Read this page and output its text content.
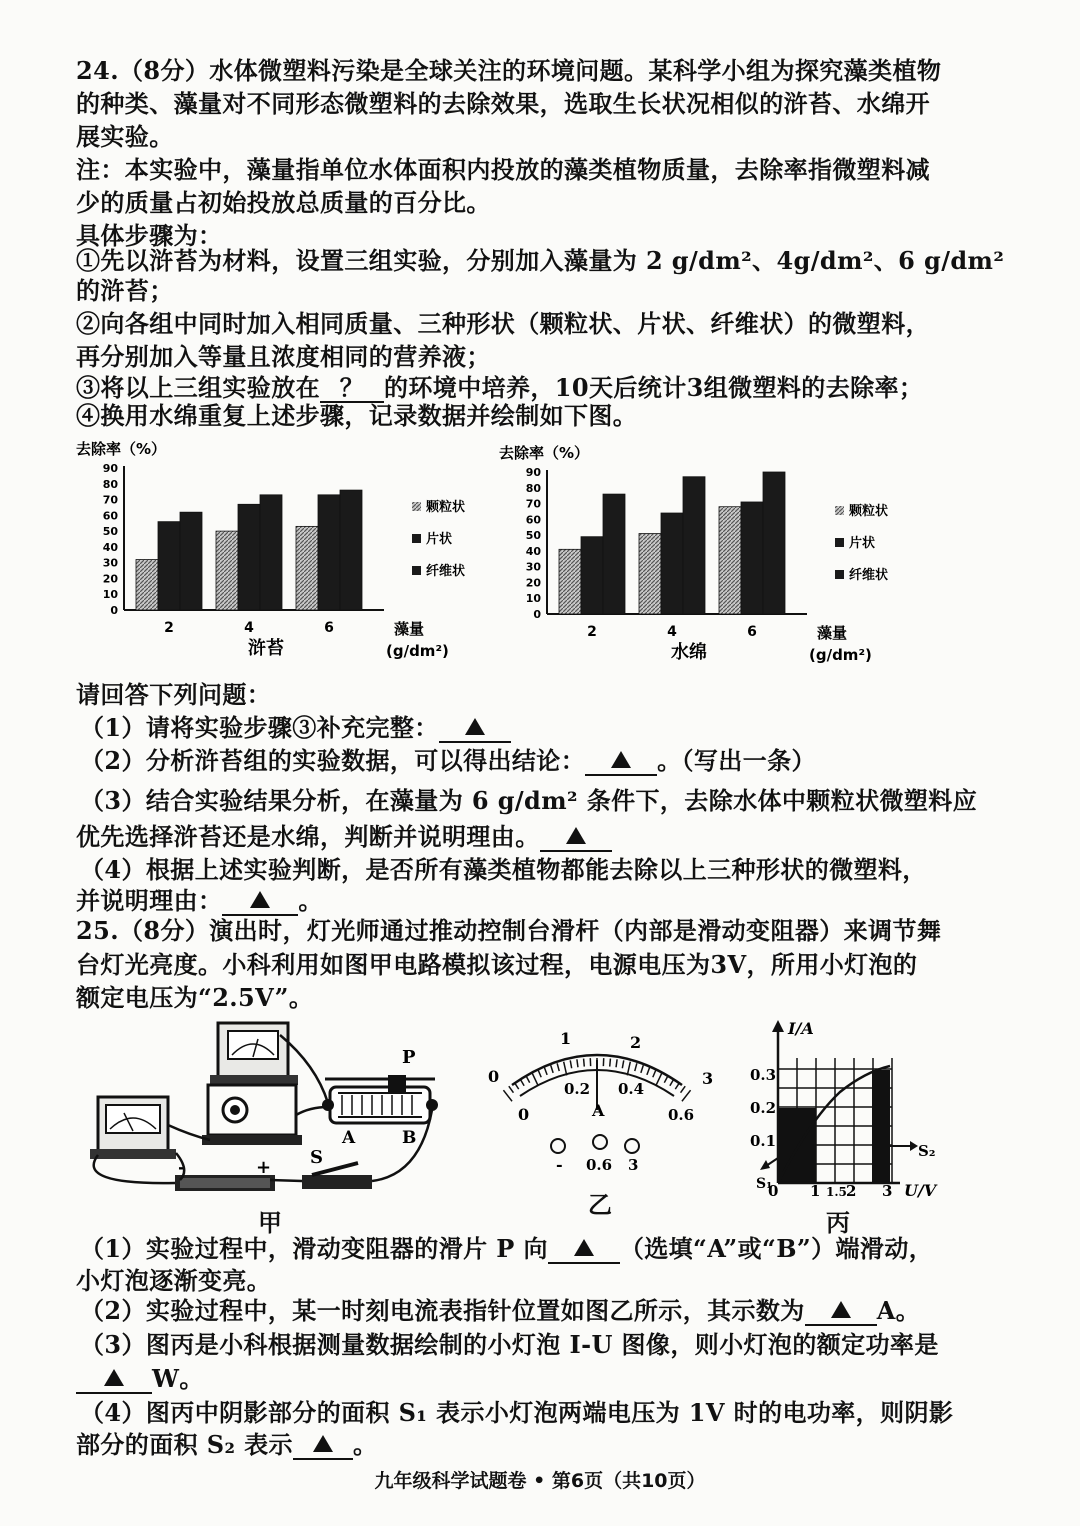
24.（8分）水体微塑料污染是全球关注的环境问题。某科学小组为探究藻类植物
的种类、藻量对不同形态微塑料的去除效果，选取生长状况相似的浒苔、水绵开
展实验。
注：本实验中，藻量指单位水体面积内投放的藻类植物质量，去除率指微塑料减
少的质量占初始投放总质量的百分比。
具体步骤为：
①先以浒苔为材料，设置三组实验，分别加入藻量为 2 g/dm²、4g/dm²、6 g/dm²
的浒苔；
②向各组中同时加入相同质量、三种形状（颗粒状、片状、纤维状）的微塑料，
再分别加入等量且浓度相同的营养液；
③将以上三组实验放在 ？ 的环境中培养，10天后统计3组微塑料的去除率；
④换用水绵重复上述步骤，记录数据并绘制如下图。
去除率（%）
0
10
20
30
40
50
60
70
80
90
2	4	6
浒苔
藻量
(g/dm²)
颗粒状
片状
纤维状
去除率（%）
0
10
20
30
40
50
60
70
80
90
2	4	6
水绵
藻量
(g/dm²)
颗粒状
片状
纤维状
请回答下列问题：
（1）请将实验步骤③补充完整：
（2）分析浒苔组的实验数据，可以得出结论：	。（写出一条）
（3）结合实验结果分析，在藻量为 6 g/dm² 条件下，去除水体中颗粒状微塑料应
优先选择浒苔还是水绵，判断并说明理由。
（4）根据上述实验判断，是否所有藻类植物都能去除以上三种形状的微塑料，
并说明理由：	。
25.（8分）演出时，灯光师通过推动控制台滑杆（内部是滑动变阻器）来调节舞
台灯光亮度。小科利用如图甲电路模拟该过程，电源电压为3V，所用小灯泡的
额定电压为“2.5V”。
P
A	B
-	+ S
甲
0
1	2
3
0
0.2 0.4
0.6
A
- 0.6 3
乙
I/A
0.3
0.2
0.1
0 1 1.5 2 3 U/V
S₂
S₁
丙
（1）实验过程中，滑动变阻器的滑片 P 向	（选填“A”或“B”）端滑动，
小灯泡逐渐变亮。
（2）实验过程中，某一时刻电流表指针位置如图乙所示，其示数为	A。
（3）图丙是小科根据测量数据绘制的小灯泡 I-U 图像，则小灯泡的额定功率是
W。
（4）图丙中阴影部分的面积 S₁ 表示小灯泡两端电压为 1V 时的电功率，则阴影
部分的面积 S₂ 表示	。
九年级科学试题卷 • 第6页（共10页）
